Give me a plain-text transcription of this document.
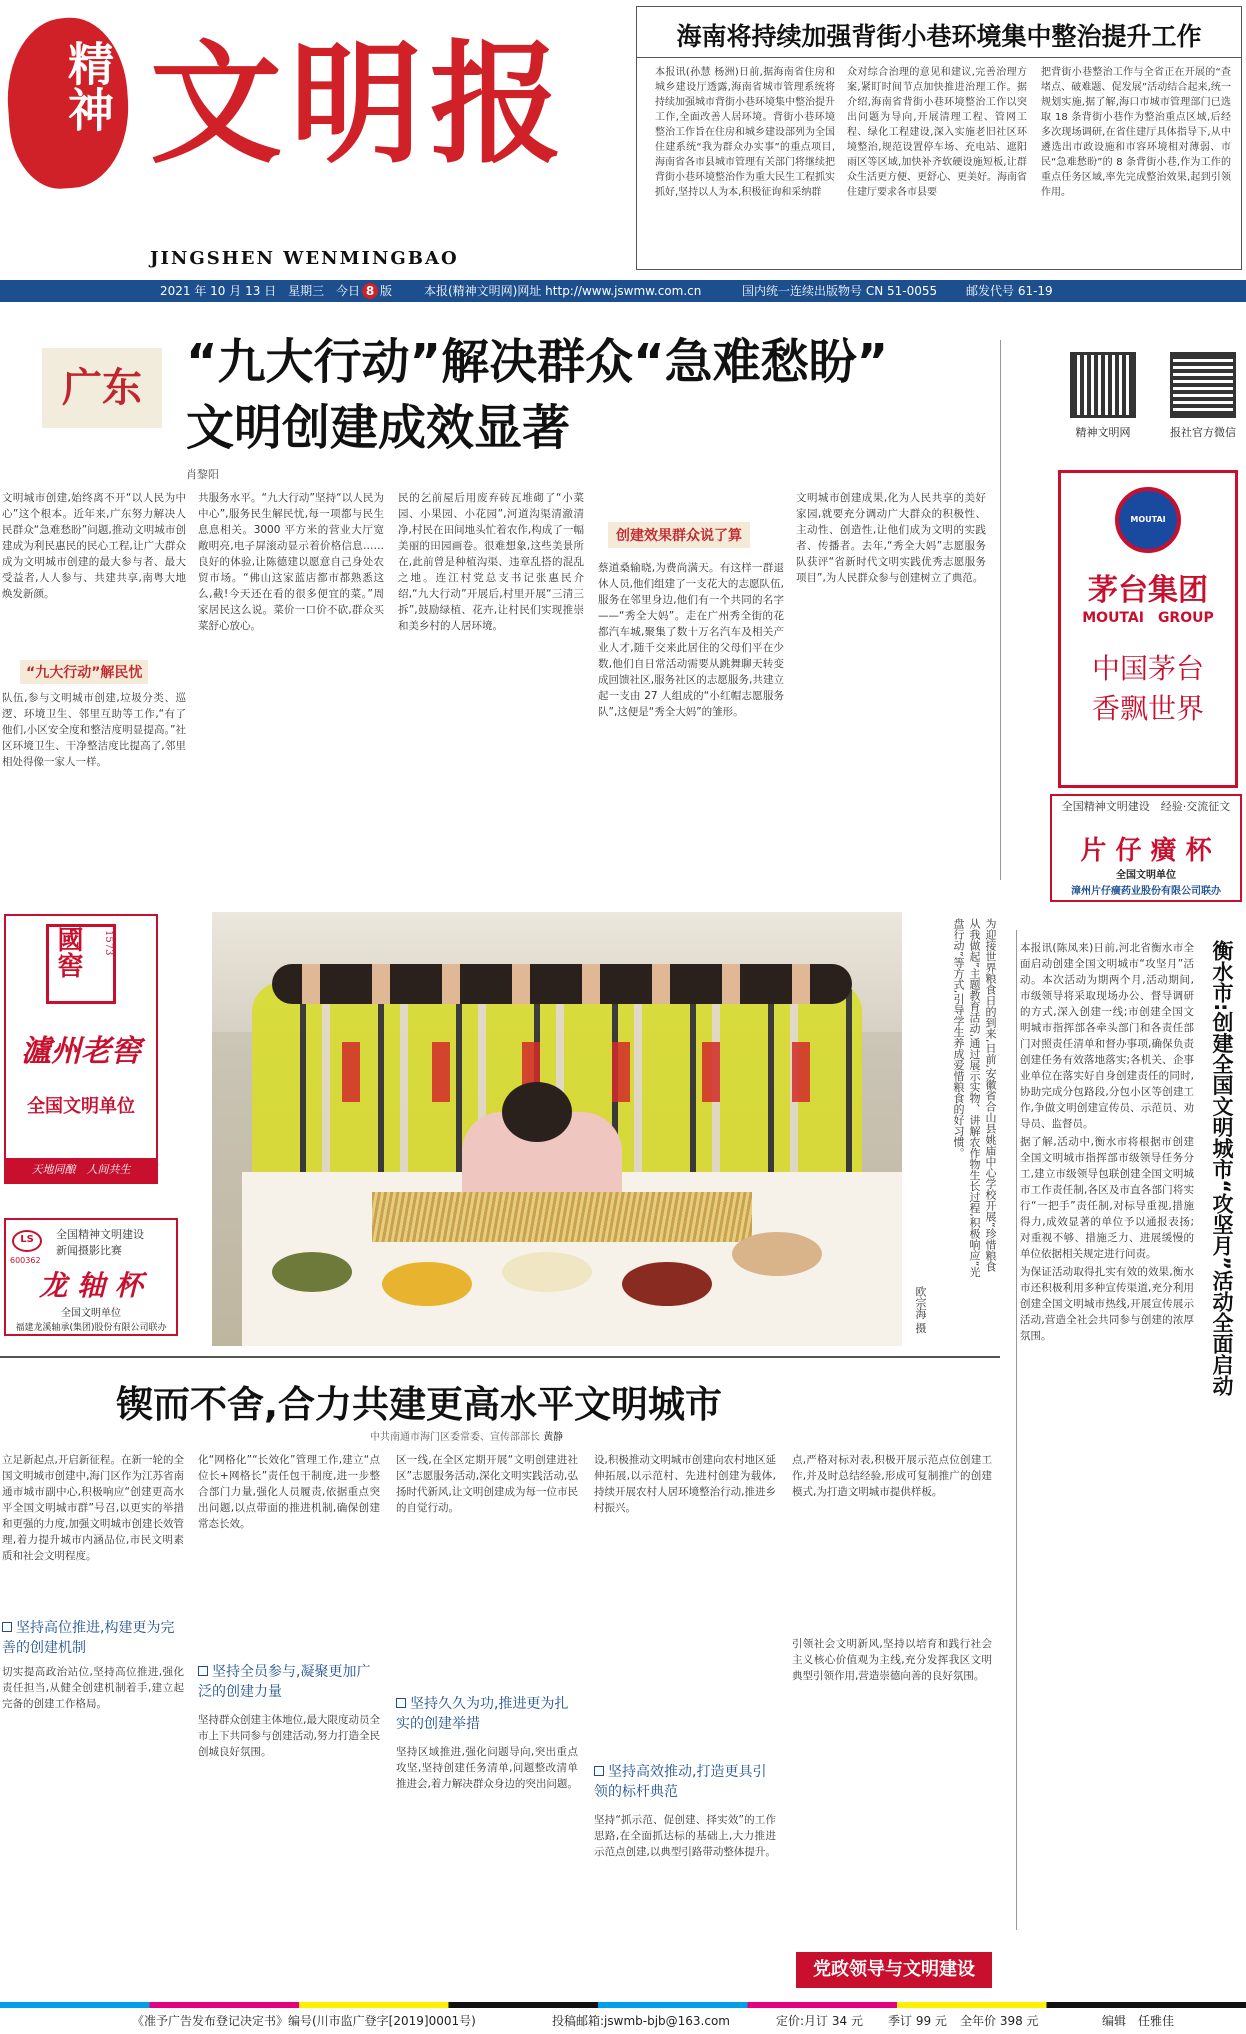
精神 文明报
JINGSHEN WENMINGBAO
海南将持续加强背街小巷环境集中整治提升工作
本报讯(孙慧 杨洲)日前,据海南省住房和城乡建设厅透露,海南省城市管理系统将持续加强城市背街小巷环境集中整治提升工作,全面改善人居环境。背街小巷环境整治工作旨在住房和城乡建设部列为全国住建系统“我为群众办实事”的重点项目,海南省各市县城市管理有关部门将继续把背街小巷环境整治作为重大民生工程抓实抓好,坚持以人为本,积极征询和采纳群
众对综合治理的意见和建议,完善治理方案,紧盯时间节点加快推进治理工作。据介绍,海南省背街小巷环境整治工作以突出问题为导向,开展清理工程、管网工程、绿化工程建设,深入实施老旧社区环境整治,规范设置停车场、充电站、遮阳雨区等区域,加快补齐软硬设施短板,让群众生活更方便、更舒心、更美好。海南省住建厅要求各市县要
把背街小巷整治工作与全省正在开展的“查堵点、破难题、促发展”活动结合起来,统一规划实施,据了解,海口市城市管理部门已选取 18 条背街小巷作为整治重点区域,后经多次现场调研,在省住建厅具体指导下,从中遴选出市政设施和市容环境相对薄弱、市民“急难愁盼”的 8 条背街小巷,作为工作的重点任务区域,率先完成整治效果,起到引领作用。
2021 年 10 月 13 日　星期三 今日 8 版	本报(精神文明网)网址 http://www.jswmw.com.cn	国内统一连续出版物号 CN 51-0055 邮发代号 61-19
广东 “九大行动”解决群众“急难愁盼”
文明创建成效显著
肖黎阳
文明城市创建,始终离不开“以人民为中心”这个根本。近年来,广东努力解决人民群众“急难愁盼”问题,推动文明城市创建成为利民惠民的民心工程,让广大群众成为文明城市创建的最大参与者、最大受益者,人人参与、共建共享,南粤大地焕发新颜。
“九大行动”解民忧
队伍,参与文明城市创建,垃圾分类、巡逻、环境卫生、邻里互助等工作,“有了他们,小区安全度和整洁度明显提高。”社区环境卫生、干净整洁度比提高了,邻里相处得像一家人一样。
共服务水平。“九大行动”坚持“以人民为中心”,服务民生解民忧,每一项都与民生息息相关。3000 平方米的营业大厅宽敞明亮,电子屏滚动显示着价格信息……良好的体验,让陈德建以愿意自己身处农贸市场。“佛山这家蓝店都市都熟悉这么,截!今天还在看的很多便宜的菜。”周家居民这么说。菜价一口价不砍,群众买菜舒心放心。
民的乞前屋后用废弃砖瓦堆砌了“小菜园、小果园、小花园”,河道沟渠清澈清净,村民在田间地头忙着农作,构成了一幅美丽的田园画卷。很难想象,这些美景所在,此前曾是种植沟渠、违章乱搭的混乱之地。连江村党总支书记张惠民介绍,“九大行动”开展后,村里开展“三清三拆”,鼓励绿植、花卉,让村民们实现推崇和美乡村的人居环境。
创建效果群众说了算
蔡道桑输晓,为费尚满天。有这样一群退休人员,他们组建了一支花大的志愿队伍,服务在邻里身边,他们有一个共同的名字——“秀全大妈”。走在广州秀全街的花都汽车城,聚集了数十万名汽车及相关产业人才,随千交来此居住的父母们平在少数,他们自日常活动需要从跳舞聊天转变成回馈社区,服务社区的志愿服务,共建立起一支由 27 人组成的“小红帽志愿服务队”,这便是“秀全大妈”的雏形。
文明城市创建成果,化为人民共享的美好家园,就要充分调动广大群众的积极性、主动性、创造性,让他们成为文明的实践者、传播者。去年,“秀全大妈”志愿服务队获评“省新时代文明实践优秀志愿服务项目”,为人民群众参与创建树立了典范。
精神文明网	报社官方微信
MOUTAI
茅台集团
MOUTAI　GROUP
中国茅台
香飘世界
全国精神文明建设　经验·交流征文
片 仔 癀 杯
全国文明单位
漳州片仔癀药业股份有限公司联办
國窖	1573
瀘州老窖
全国文明单位
天地同酿　人间共生
LS
600362
全国精神文明建设
新闻摄影比赛
龙 轴 杯
全国文明单位
福建龙溪轴承(集团)股份有限公司联办
为迎接世界粮食日的到来,日前,安徽省合山县姚庙中心学校开展“珍惜粮食 从我做起”主题教育活动,通过展示实物、讲解农作物生长过程,积极响应“光盘行动”等方式,引导学生养成爱惜粮食的好习惯。
欧宗海 摄

本报讯(陈凤来)日前,河北省衡水市全面启动创建全国文明城市“攻坚月”活动。本次活动为期两个月,活动期间,市级领导将采取现场办公、督导调研的方式,深入创建一线;市创建全国文明城市指挥部各牵头部门和各责任部门对照责任清单和督办事项,确保负责创建任务有效落地落实;各机关、企事业单位在落实好自身创建责任的同时,协助完成分包路段,分包小区等创建工作,争做文明创建宣传员、示范员、劝导员、监督员。

据了解,活动中,衡水市将根据市创建全国文明城市指挥部市级领导任务分工,建立市级领导包联创建全国文明城市工作责任制,各区及市直各部门将实行“一把手”责任制,对标导重视,措施得力,成效显著的单位予以通报表扬;对重视不够、措施乏力、进展缓慢的单位依据相关规定进行问责。

为保证活动取得扎实有效的效果,衡水市还积极利用多种宣传渠道,充分利用创建全国文明城市热线,开展宣传展示活动,营造全社会共同参与创建的浓厚氛围。	衡水市:创建全国文明城市“攻坚月”活动全面启动
锲而不舍,合力共建更高水平文明城市
中共南通市海门区委常委、宣传部部长 黄静
立足新起点,开启新征程。在新一轮的全国文明城市创建中,海门区作为江苏省南通市城市副中心,积极响应“创建更高水平全国文明城市群”号召,以更实的举措和更强的力度,加强文明城市创建长效管理,着力提升城市内涵品位,市民文明素质和社会文明程度。
坚持高位推进,构建更为完善的创建机制
切实提高政治站位,坚持高位推进,强化责任担当,从健全创建机制着手,建立起完备的创建工作格局。
化“网格化”“长效化”管理工作,建立“点位长+网格长”责任包干制度,进一步整合部门力量,强化人员履责,依据重点突出问题,以点带面的推进机制,确保创建常态长效。
坚持全员参与,凝聚更加广泛的创建力量
坚持群众创建主体地位,最大限度动员全市上下共同参与创建活动,努力打造全民创城良好氛围。
区一线,在全区定期开展“文明创建进社区”志愿服务活动,深化文明实践活动,弘扬时代新风,让文明创建成为每一位市民的自觉行动。
坚持久久为功,推进更为扎实的创建举措
坚持区域推进,强化问题导向,突出重点攻坚,坚持创建任务清单,问题整改清单推进会,着力解决群众身边的突出问题。
设,积极推动文明城市创建向农村地区延伸拓展,以示范村、先进村创建为载体,持续开展农村人居环境整治行动,推进乡村振兴。
坚持高效推动,打造更具引领的标杆典范
坚持“抓示范、促创建、择实效”的工作思路,在全面抓达标的基础上,大力推进示范点创建,以典型引路带动整体提升。
点,严格对标对表,积极开展示范点位创建工作,并及时总结经验,形成可复制推广的创建模式,为打造文明城市提供样板。
引领社会文明新风,坚持以培育和践行社会主义核心价值观为主线,充分发挥我区文明典型引领作用,营造崇德向善的良好氛围。
党政领导与文明建设
《准予广告发布登记决定书》编号(川市监广登字[2019]0001号)	投稿邮箱:jswmb-bjb@163.com	定价:月订 34 元 季订 99 元 全年价 398 元	编辑　任雅佳
